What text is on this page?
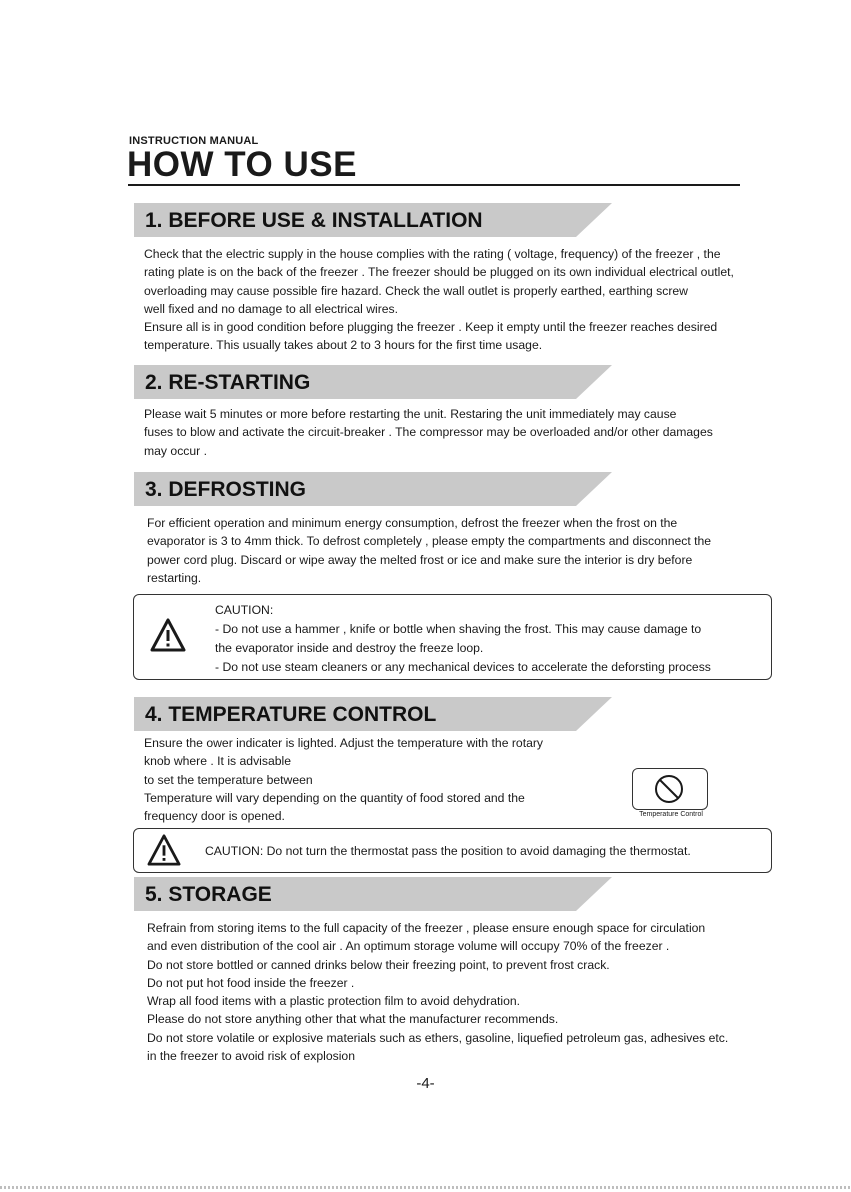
INSTRUCTION MANUAL
HOW TO USE
1. BEFORE USE & INSTALLATION
Check that the electric supply in the house complies with the rating ( voltage, frequency) of the freezer , the
rating plate is on the back of the freezer . The freezer should be plugged on its own individual electrical outlet,
overloading may cause possible fire hazard. Check the wall outlet is properly earthed, earthing screw
well fixed and no damage to all electrical wires.
Ensure all is in good condition before plugging the freezer . Keep it empty until the freezer reaches desired
temperature. This usually takes about 2 to 3 hours for the first time usage.
2. RE-STARTING
Please wait 5 minutes or more before restarting the unit. Restaring the unit immediately may cause
fuses to blow and activate the circuit-breaker . The compressor may be overloaded and/or other damages
may occur .
3. DEFROSTING
For efficient operation and minimum energy consumption, defrost the freezer when the frost on the
evaporator is 3 to 4mm thick. To defrost completely , please empty the compartments and disconnect the
power cord plug. Discard or wipe away the melted frost or ice and make sure the interior is dry before
restarting.
CAUTION:
- Do not use a hammer , knife or bottle when shaving the frost. This may cause damage to
the evaporator inside and destroy the freeze loop.
- Do not use steam cleaners or any mechanical devices to accelerate the deforsting process
4. TEMPERATURE CONTROL
Ensure the ower indicater is lighted. Adjust the temperature with the rotary
knob where . It is advisable
to set the temperature between
Temperature will vary depending on the quantity of food stored and the
frequency door is opened.	Temperature Control
CAUTION: Do not turn the thermostat pass the position to avoid damaging the thermostat.
5. STORAGE
Refrain from storing items to the full capacity of the freezer , please ensure enough space for circulation
and even distribution of the cool air . An optimum storage volume will occupy 70% of the freezer .
Do not store bottled or canned drinks below their freezing point, to prevent frost crack.
Do not put hot food inside the freezer .
Wrap all food items with a plastic protection film to avoid dehydration.
Please do not store anything other that what the manufacturer recommends.
Do not store volatile or explosive materials such as ethers, gasoline, liquefied petroleum gas, adhesives etc.
in the freezer to avoid risk of explosion
-4-
